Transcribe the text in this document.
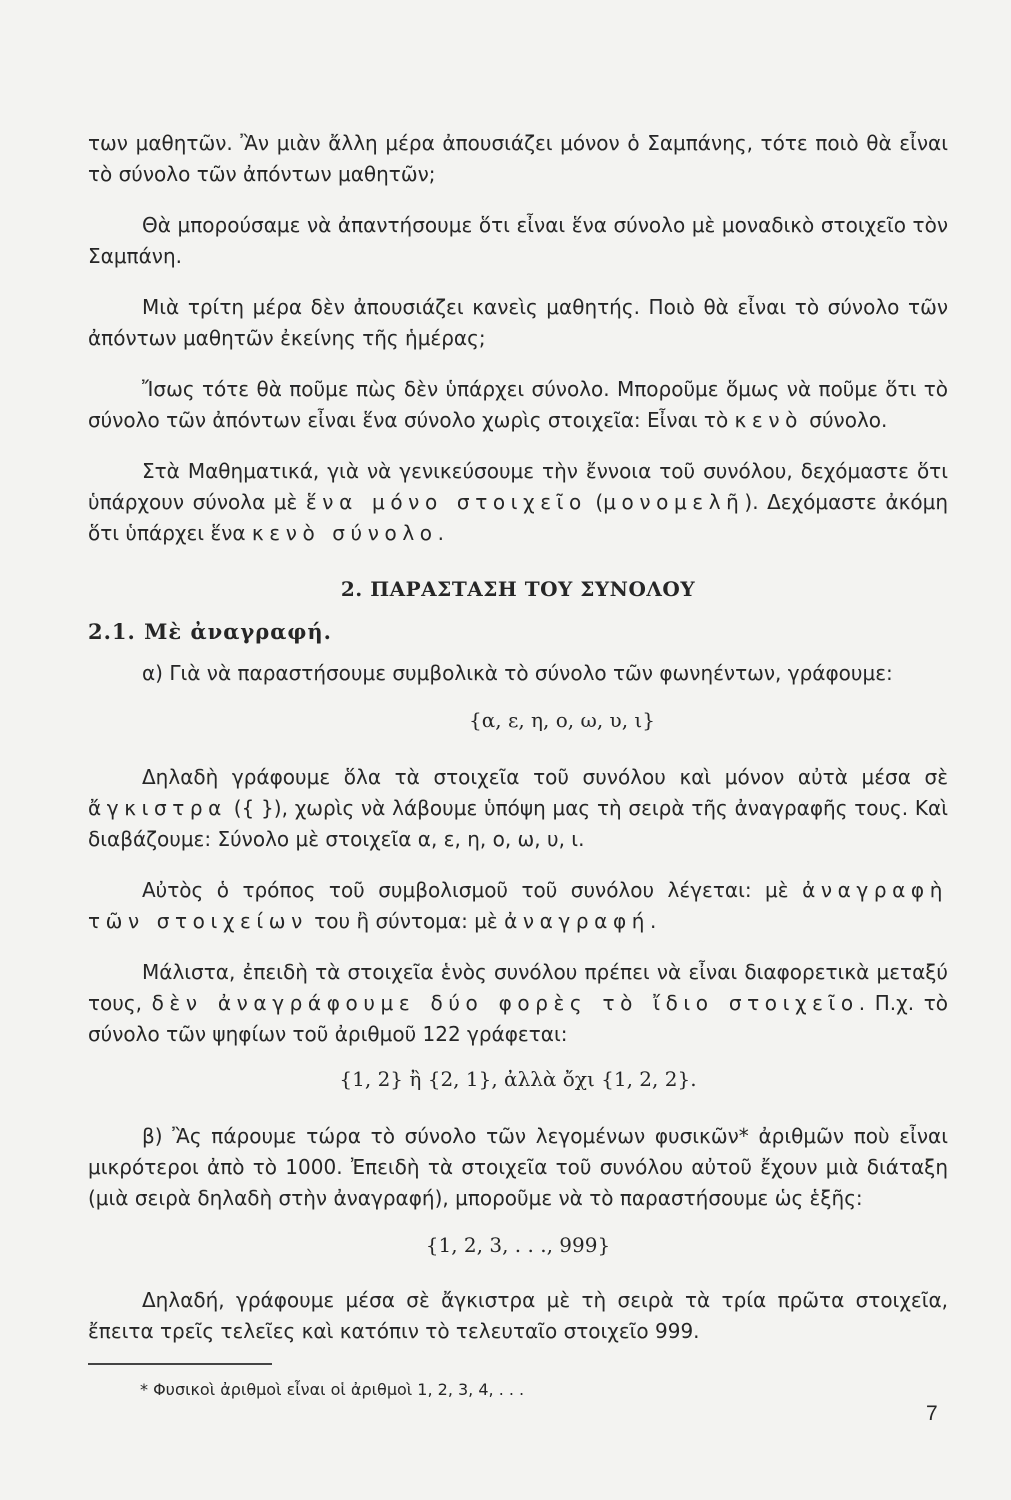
των μαθητῶν. Ἂν μιὰν ἄλλη μέρα ἀπουσιάζει μόνον ὁ Σαμπάνης, τότε ποιὸ θὰ εἶναι τὸ σύνολο τῶν ἀπόντων μαθητῶν;

Θὰ μπορούσαμε νὰ ἀπαντήσουμε ὅτι εἶναι ἕνα σύνολο μὲ μοναδικὸ στοιχεῖο τὸν Σαμπάνη.

Μιὰ τρίτη μέρα δὲν ἀπουσιάζει κανεὶς μαθητής. Ποιὸ θὰ εἶναι τὸ σύνολο τῶν ἀπόντων μαθητῶν ἐκείνης τῆς ἡμέρας;

Ἴσως τότε θὰ ποῦμε πὼς δὲν ὑπάρχει σύνολο. Μποροῦμε ὅμως νὰ ποῦμε ὅτι τὸ σύνολο τῶν ἀπόντων εἶναι ἕνα σύνολο χωρὶς στοιχεῖα: Εἶναι τὸ κενὸ σύνολο.

Στὰ Μαθηματικά, γιὰ νὰ γενικεύσουμε τὴν ἔννοια τοῦ συνόλου, δεχόμαστε ὅτι ὑπάρχουν σύνολα μὲ ἕνα μόνο στοιχεῖο (μονομελῆ). Δεχόμαστε ἀκόμη ὅτι ὑπάρχει ἕνα κενὸ σύνολο.

2. ΠΑΡΑΣΤΑΣΗ ΤΟΥ ΣΥΝΟΛΟΥ
2.1. Μὲ ἀναγραφή.

α) Γιὰ νὰ παραστήσουμε συμβολικὰ τὸ σύνολο τῶν φωνηέντων, γράφουμε:

{α, ε, η, ο, ω, υ, ι}

Δηλαδὴ γράφουμε ὅλα τὰ στοιχεῖα τοῦ συνόλου καὶ μόνον αὐτὰ μέσα σὲ ἄγκιστρα ({ }), χωρὶς νὰ λάβουμε ὑπόψη μας τὴ σειρὰ τῆς ἀναγραφῆς τους. Καὶ διαβάζουμε: Σύνολο μὲ στοιχεῖα α, ε, η, ο, ω, υ, ι.

Αὐτὸς ὁ τρόπος τοῦ συμβολισμοῦ τοῦ συνόλου λέγεται: μὲ ἀναγραφὴ τῶν στοιχείων του ἢ σύντομα: μὲ ἀναγραφή.

Μάλιστα, ἐπειδὴ τὰ στοιχεῖα ἑνὸς συνόλου πρέπει νὰ εἶναι διαφορετικὰ μεταξύ τους, δὲν ἀναγράφουμε δύο φορὲς τὸ ἴδιο στοιχεῖο. Π.χ. τὸ σύνολο τῶν ψηφίων τοῦ ἀριθμοῦ 122 γράφεται:

{1, 2} ἢ {2, 1}, ἀλλὰ ὄχι {1, 2, 2}.

β) Ἂς πάρουμε τώρα τὸ σύνολο τῶν λεγομένων φυσικῶν* ἀριθμῶν ποὺ εἶναι μικρότεροι ἀπὸ τὸ 1000. Ἐπειδὴ τὰ στοιχεῖα τοῦ συνόλου αὐτοῦ ἔχουν μιὰ διάταξη (μιὰ σειρὰ δηλαδὴ στὴν ἀναγραφή), μποροῦμε νὰ τὸ παραστήσουμε ὡς ἑξῆς:

{1, 2, 3, . . ., 999}

Δηλαδή, γράφουμε μέσα σὲ ἄγκιστρα μὲ τὴ σειρὰ τὰ τρία πρῶτα στοιχεῖα, ἔπειτα τρεῖς τελεῖες καὶ κατόπιν τὸ τελευταῖο στοιχεῖο 999.

* Φυσικοὶ ἀριθμοὶ εἶναι οἱ ἀριθμοὶ 1, 2, 3, 4, . . .

7
